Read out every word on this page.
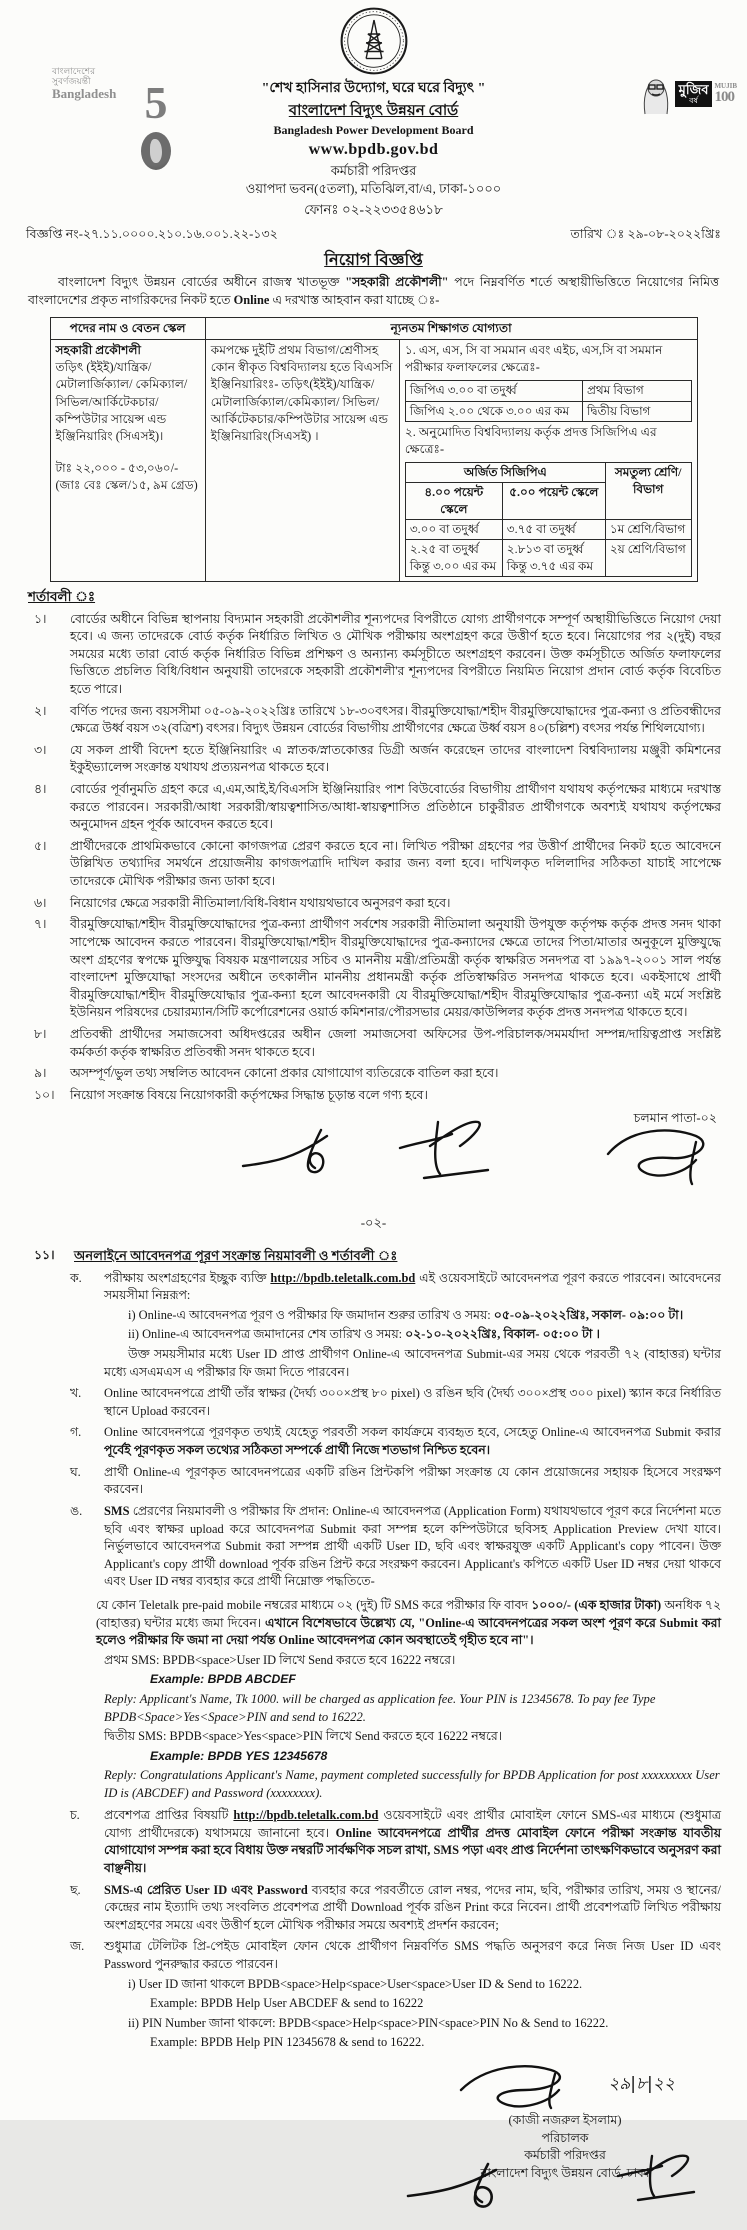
বাংলাদেশের
সুবর্ণজয়ন্তী
Bangladesh 5	মুজিব
বর্ষ
MUJIB
100
"শেখ হাসিনার উদ্যোগ, ঘরে ঘরে বিদ্যুৎ "
বাংলাদেশ বিদ্যুৎ উন্নয়ন বোর্ড
Bangladesh Power Development Board
www.bpdb.gov.bd
কর্মচারী পরিদপ্তর
ওয়াপদা ভবন(৫তলা), মতিঝিল,বা/এ, ঢাকা-১০০০
ফোনঃ ০২-২২৩৩৫৪৬১৮
বিজ্ঞপ্তি নং-২৭.১১.০০০০.২১০.১৬.০০১.২২-১৩২	তারিখ ঃ ২৯-০৮-২০২২খ্রিঃ
নিয়োগ বিজ্ঞপ্তি
বাংলাদেশ বিদ্যুৎ উন্নয়ন বোর্ডের অধীনে রাজস্ব খাতভূক্ত "সহকারী প্রকৌশলী" পদে নিম্নবর্ণিত শর্তে অস্থায়ীভিত্তিতে নিয়োগের নিমিত্ত বাংলাদেশের প্রকৃত নাগরিকদের নিকট হতে Online এ দরখাস্ত আহবান করা যাচ্ছে ঃ-
পদের নাম ও বেতন স্কেল	ন্যূনতম শিক্ষাগত যোগ্যতা

সহকারী প্রকৌশলী
তড়িৎ (ইইই)/যান্ত্রিক/মেটালার্জিক্যাল/ কেমিক্যাল/সিভিল/আর্কিটেকচার/ কম্পিউটার সায়েন্স এন্ড ইঞ্জিনিয়ারিং (সিএসই)।
টাঃ ২২,০০০ - ৫৩,০৬০/-
(জাঃ বেঃ স্কেল/১৫, ৯ম গ্রেড)
	কমপক্ষে দুইটি প্রথম বিভাগ/শ্রেণীসহ কোন স্বীকৃত বিশ্ববিদ্যালয় হতে বিএসসি ইঞ্জিনিয়ারিংঃ- তড়িৎ(ইইই)/যান্ত্রিক/মেটালার্জিক্যাল/কেমিক্যাল/ সিভিল/আর্কিটেকচার/কম্পিউটার সায়েন্স এন্ড ইঞ্জিনিয়ারিং(সিএসই) ।	
১. এস, এস, সি বা সমমান এবং এইচ, এস,সি বা সমমান পরীক্ষার ফলাফলের ক্ষেত্রেঃ-
জিপিএ ৩.০০ বা তদুর্ধ্ব	প্রথম বিভাগ
জিপিএ ২.০০ থেকে ৩.০০ এর কম	দ্বিতীয় বিভাগ
২. অনুমোদিত বিশ্ববিদ্যালয় কর্তৃক প্রদত্ত সিজিপিএ এর ক্ষেত্রেঃ-
অর্জিত সিজিপিএ	সমতুল্য শ্রেণি/ বিভাগ
৪.০০ পয়েন্ট স্কেলে	৫.০০ পয়েন্ট স্কেলে
৩.০০ বা তদুর্ধ্ব	৩.৭৫ বা তদুর্ধ্ব	১ম শ্রেণি/বিভাগ
২.২৫ বা তদুর্ধ্ব কিন্তু ৩.০০ এর কম	২.৮১৩ বা তদুর্ধ্ব কিন্তু ৩.৭৫ এর কম	২য় শ্রেণি/বিভাগ
শর্তাবলী ঃ
১।	বোর্ডের অধীনে বিভিন্ন স্থাপনায় বিদ্যমান সহকারী প্রকৌশলীর শূন্যপদের বিপরীতে যোগ্য প্রার্থীগণকে সম্পূর্ণ অস্থায়ীভিত্তিতে নিয়োগ দেয়া হবে। এ জন্য তাদেরকে বোর্ড কর্তৃক নির্ধারিত লিখিত ও মৌখিক পরীক্ষায় অংশগ্রহণ করে উত্তীর্ণ হতে হবে। নিয়োগের পর ২(দুই) বছর সময়ের মধ্যে তারা বোর্ড কর্তৃক নির্ধারিত বিভিন্ন প্রশিক্ষণ ও অন্যান্য কর্মসূচীতে অংশগ্রহণ করবেন। উক্ত কর্মসূচীতে অর্জিত ফলাফলের ভিত্তিতে প্রচলিত বিধি/বিধান অনুযায়ী তাদেরকে সহকারী প্রকৌশলী'র শূন্যপদের বিপরীতে নিয়মিত নিয়োগ প্রদান বোর্ড কর্তৃক বিবেচিত হতে পারে।
২।	বর্ণিত পদের জন্য বয়সসীমা ০৫-০৯-২০২২খ্রিঃ তারিখে ১৮-৩০বৎসর। বীরমুক্তিযোদ্ধা/শহীদ বীরমুক্তিযোদ্ধাদের পুত্র-কন্যা ও প্রতিবন্ধীদের ক্ষেত্রে উর্ধ্ব বয়স ৩২(বত্রিশ) বৎসর। বিদ্যুৎ উন্নয়ন বোর্ডের বিভাগীয় প্রার্থীগণের ক্ষেত্রে উর্ধ্ব বয়স ৪০(চল্লিশ) বৎসর পর্যন্ত শিথিলযোগ্য।
৩।	যে সকল প্রার্থী বিদেশ হতে ইঞ্জিনিয়ারিং এ স্নাতক/স্নাতকোত্তর ডিগ্রী অর্জন করেছেন তাদের বাংলাদেশ বিশ্ববিদ্যালয় মঞ্জুরী কমিশনের ইকুইভ্যালেন্স সংক্রান্ত যথাযথ প্রত্যয়নপত্র থাকতে হবে।
৪।	বোর্ডের পূর্বানুমতি গ্রহণ করে এ,এম,আই,ই/বিএসসি ইঞ্জিনিয়ারিং পাশ বিউবোর্ডের বিভাগীয় প্রার্থীগণ যথাযথ কর্তৃপক্ষের মাধ্যমে দরখাস্ত করতে পারবেন। সরকারী/আধা সরকারী/স্বায়ত্বশাসিত/আধা-স্বায়ত্বশাসিত প্রতিষ্ঠানে চাকুরীরত প্রার্থীগণকে অবশ্যই যথাযথ কর্তৃপক্ষের অনুমোদন গ্রহন পূর্বক আবেদন করতে হবে।
৫।	প্রার্থীদেরকে প্রাথমিকভাবে কোনো কাগজপত্র প্রেরণ করতে হবে না। লিখিত পরীক্ষা গ্রহণের পর উত্তীর্ণ প্রার্থীদের নিকট হতে আবেদনে উল্লিখিত তথ্যাদির সমর্থনে প্রয়োজনীয় কাগজপত্রাদি দাখিল করার জন্য বলা হবে। দাখিলকৃত দলিলাদির সঠিকতা যাচাই সাপেক্ষে তাদেরকে মৌখিক পরীক্ষার জন্য ডাকা হবে।
৬।	নিয়োগের ক্ষেত্রে সরকারী নীতিমালা/বিধি-বিধান যথায়থভাবে অনুসরণ করা হবে।
৭।	বীরমুক্তিযোদ্ধা/শহীদ বীরমুক্তিযোদ্ধাদের পুত্র-কন্যা প্রার্থীগণ সর্বশেষ সরকারী নীতিমালা অনুযায়ী উপযুক্ত কর্তৃপক্ষ কর্তৃক প্রদত্ত সনদ থাকা সাপেক্ষে আবেদন করতে পারবেন। বীরমুক্তিযোদ্ধা/শহীদ বীরমুক্তিযোদ্ধাদের পুত্র-কন্যাদের ক্ষেত্রে তাদের পিতা/মাতার অনুকূলে মুক্তিযুদ্ধে অংশ গ্রহণের স্বপক্ষে মুক্তিযুদ্ধ বিষয়ক মন্ত্রণালয়ের সচিব ও মাননীয় মন্ত্রী/প্রতিমন্ত্রী কর্তৃক স্বাক্ষরিত সনদপত্র বা ১৯৯৭-২০০১ সাল পর্যন্ত বাংলাদেশ মুক্তিযোদ্ধা সংসদের অধীনে তৎকালীন মাননীয় প্রধানমন্ত্রী কর্তৃক প্রতিস্বাক্ষরিত সনদপত্র থাকতে হবে। একইসাথে প্রার্থী বীরমুক্তিযোদ্ধা/শহীদ বীরমুক্তিযোদ্ধার পুত্র-কন্যা হলে আবেদনকারী যে বীরমুক্তিযোদ্ধা/শহীদ বীরমুক্তিযোদ্ধার পুত্র-কন্যা এই মর্মে সংশ্লিষ্ট ইউনিয়ন পরিষদের চেয়ারম্যান/সিটি কর্পোরেশনের ওয়ার্ড কমিশনার/পৌরসভার মেয়র/কাউন্সিলর কর্তৃক প্রদত্ত সনদপত্র থাকতে হবে।
৮।	প্রতিবন্ধী প্রার্থীদের সমাজসেবা অধিদপ্তরের অধীন জেলা সমাজসেবা অফিসের উপ-পরিচালক/সমমর্যাদা সম্পন্ন/দায়িত্বপ্রাপ্ত সংশ্লিষ্ট কর্মকর্তা কর্তৃক স্বাক্ষরিত প্রতিবন্ধী সনদ থাকতে হবে।
৯।	অসম্পূর্ণ/ভুল তথ্য সম্বলিত আবেদন কোনো প্রকার যোগাযোগ ব্যতিরেকে বাতিল করা হবে।
১০।	নিয়োগ সংক্রান্ত বিষয়ে নিয়োগকারী কর্তৃপক্ষের সিদ্ধান্ত চূড়ান্ত বলে গণ্য হবে।
চলমান পাতা-০২
-০২-
১১।	অনলাইনে আবেদনপত্র পূরণ সংক্রান্ত নিয়মাবলী ও শর্তাবলী ঃ
ক.	পরীক্ষায় অংশগ্রহণের ইচ্ছুক ব্যক্তি http://bpdb.teletalk.com.bd এই ওয়েবসাইটে আবেদনপত্র পূরণ করতে পারবেন। আবেদনের সময়সীমা নিম্নরূপ:
i) Online-এ আবেদনপত্র পূরণ ও পরীক্ষার ফি জমাদান শুরুর তারিখ ও সময়: ০৫-০৯-২০২২খ্রিঃ, সকাল- ০৯:০০ টা।
ii) Online-এ আবেদনপত্র জমাদানের শেষ তারিখ ও সময়: ০২-১০-২০২২খ্রিঃ, বিকাল- ০৫:০০ টা ।
উক্ত সময়সীমার মধ্যে User ID প্রাপ্ত প্রার্থীগণ Online-এ আবেদনপত্র Submit-এর সময় থেকে পরবর্তী ৭২ (বাহাত্তর) ঘন্টার মধ্যে এসএমএস এ পরীক্ষার ফি জমা দিতে পারবেন।
খ.	Online আবেদনপত্রে প্রার্থী তাঁর স্বাক্ষর (দৈর্ঘ্য ৩০০×প্রস্থ ৮০ pixel) ও রঙিন ছবি (দৈর্ঘ্য ৩০০×প্রস্থ ৩০০ pixel) স্ক্যান করে নির্ধারিত স্থানে Upload করবেন।
গ.	Online আবেদনপত্রে পূরণকৃত তথ্যই যেহেতু পরবর্তী সকল কার্যক্রমে ব্যবহৃত হবে, সেহেতু Online-এ আবেদনপত্র Submit করার পূর্বেই পূরণকৃত সকল তথ্যের সঠিকতা সম্পর্কে প্রার্থী নিজে শতভাগ নিশ্চিত হবেন।
ঘ.	প্রার্থী Online-এ পূরণকৃত আবেদনপত্রের একটি রঙিন প্রিন্টকপি পরীক্ষা সংক্রান্ত যে কোন প্রয়োজনের সহায়ক হিসেবে সংরক্ষণ করবেন।
ঙ.	SMS প্রেরণের নিয়মাবলী ও পরীক্ষার ফি প্রদান: Online-এ আবেদনপত্র (Application Form) যথাযথভাবে পূরণ করে নির্দেশনা মতে ছবি এবং স্বাক্ষর upload করে আবেদনপত্র Submit করা সম্পন্ন হলে কম্পিউটারে ছবিসহ Application Preview দেখা যাবে। নির্ভুলভাবে আবেদনপত্র Submit করা সম্পন্ন প্রার্থী একটি User ID, ছবি এবং স্বাক্ষরযুক্ত একটি Applicant's copy পাবেন। উক্ত Applicant's copy প্রার্থী download পূর্বক রঙিন প্রিন্ট করে সংরক্ষণ করবেন। Applicant's কপিতে একটি User ID নম্বর দেয়া থাকবে এবং User ID নম্বর ব্যবহার করে প্রার্থী নিম্নোক্ত পদ্ধতিতে-
যে কোন Teletalk pre-paid mobile নম্বরের মাধ্যমে ০২ (দুই) টি SMS করে পরীক্ষার ফি বাবদ ১০০০/- (এক হাজার টাকা) অনধিক ৭২ (বাহাত্তর) ঘন্টার মধ্যে জমা দিবেন। এখানে বিশেষভাবে উল্লেখ্য যে, "Online-এ আবেদনপত্রের সকল অংশ পূরণ করে Submit করা হলেও পরীক্ষার ফি জমা না দেয়া পর্যন্ত Online আবেদনপত্র কোন অবস্থাতেই গৃহীত হবে না"।
প্রথম SMS: BPDB<space>User ID লিখে Send করতে হবে 16222 নম্বরে।
Example: BPDB ABCDEF
Reply: Applicant's Name, Tk 1000. will be charged as application fee. Your PIN is 12345678. To pay fee Type BPDB<Space>Yes<Space>PIN and send to 16222.
দ্বিতীয় SMS: BPDB<space>Yes<space>PIN লিখে Send করতে হবে 16222 নম্বরে।
Example: BPDB YES 12345678
Reply: Congratulations Applicant's Name, payment completed successfully for BPDB Application for post xxxxxxxxx User ID is (ABCDEF) and Password (xxxxxxxx).
চ.	প্রবেশপত্র প্রাপ্তির বিষয়টি http://bpdb.teletalk.com.bd ওয়েবসাইটে এবং প্রার্থীর মোবাইল ফোনে SMS-এর মাধ্যমে (শুধুমাত্র যোগ্য প্রার্থীদেরকে) যথাসময়ে জানানো হবে। Online আবেদনপত্রে প্রার্থীর প্রদত্ত মোবাইল ফোনে পরীক্ষা সংক্রান্ত যাবতীয় যোগাযোগ সম্পন্ন করা হবে বিধায় উক্ত নম্বরটি সার্বক্ষণিক সচল রাখা, SMS পড়া এবং প্রাপ্ত নির্দেশনা তাৎক্ষণিকভাবে অনুসরণ করা বাঞ্ছনীয়।
ছ.	SMS-এ প্রেরিত User ID এবং Password ব্যবহার করে পরবর্তীতে রোল নম্বর, পদের নাম, ছবি, পরীক্ষার তারিখ, সময় ও স্থানের/কেন্দ্রের নাম ইত্যাদি তথ্য সংবলিত প্রবেশপত্র প্রার্থী Download পূর্বক রঙিন Print করে নিবেন। প্রার্থী প্রবেশপত্রটি লিখিত পরীক্ষায় অংশগ্রহণের সময়ে এবং উত্তীর্ণ হলে মৌখিক পরীক্ষার সময়ে অবশ্যই প্রদর্শন করবেন;
জ.	শুধুমাত্র টেলিটক প্রি-পেইড মোবাইল ফোন থেকে প্রার্থীগণ নিম্নবর্ণিত SMS পদ্ধতি অনুসরণ করে নিজ নিজ User ID এবং Password পুনরুদ্ধার করতে পারবেন।
i) User ID জানা থাকলে BPDB<space>Help<space>User<space>User ID & Send to 16222.
Example: BPDB Help User ABCDEF & send to 16222
ii) PIN Number জানা থাকলে: BPDB<space>Help<space>PIN<space>PIN No & Send to 16222.
Example: BPDB Help PIN 12345678 & send to 16222.
২৯|৮|২২
(কাজী নজরুল ইসলাম)
পরিচালক
কর্মচারী পরিদপ্তর
বাংলাদেশ বিদ্যুৎ উন্নয়ন বোর্ড, ঢাকা
